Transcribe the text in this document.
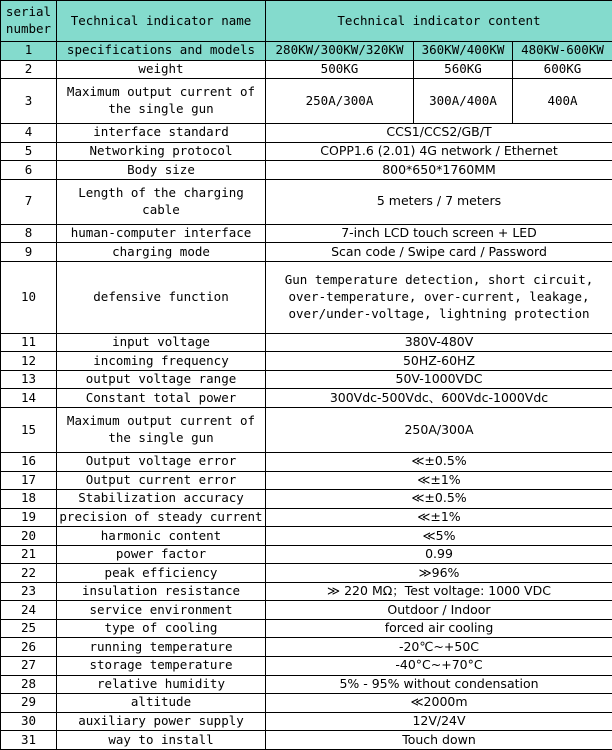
serial
number	Technical indicator name	Technical indicator content		
1	specifications and models	280KW/300KW/320KW	360KW/400KW	480KW-600KW
2	weight	500KG	560KG	600KG
3	Maximum output current of
the single gun	250A/300A	300A/400A	400A
4	interface standard	CCS1/CCS2/GB/T		
5	Networking protocol	COPP1.6 (2.01) 4G network / Ethernet		
6	Body size	800*650*1760MM		
7	Length of the charging
cable	5 meters / 7 meters		
8	human-computer interface	7-inch LCD touch screen + LED		
9	charging mode	Scan code / Swipe card / Password		
10	defensive function	Gun temperature detection, short circuit,
over-temperature, over-current, leakage,
over/under-voltage, lightning protection		

11	input voltage	380V-480V		
12	incoming frequency	50HZ-60HZ		
13	output voltage range	50V-1000VDC		
14	Constant total power	300Vdc-500Vdc、600Vdc-1000Vdc		
15	Maximum output current of
the single gun	250A/300A		
16	Output voltage error	≪±0.5%		
17	Output current error	≪±1%		
18	Stabilization accuracy	≪±0.5%		
19	precision of steady current	≪±1%		
20	harmonic content	≪5%		
21	power factor	0.99		
22	peak efficiency	≫96%		
23	insulation resistance	≫ 220 MΩ；Test voltage: 1000 VDC		
24	service environment	Outdoor / Indoor		
25	type of cooling	forced air cooling		
26	running temperature	-20℃~+50C		
27	storage temperature	-40°C~+70°C		
28	relative humidity	5% - 95% without condensation		
29	altitude	≪2000m		
30	auxiliary power supply	12V/24V		
31	way to install	Touch down		
